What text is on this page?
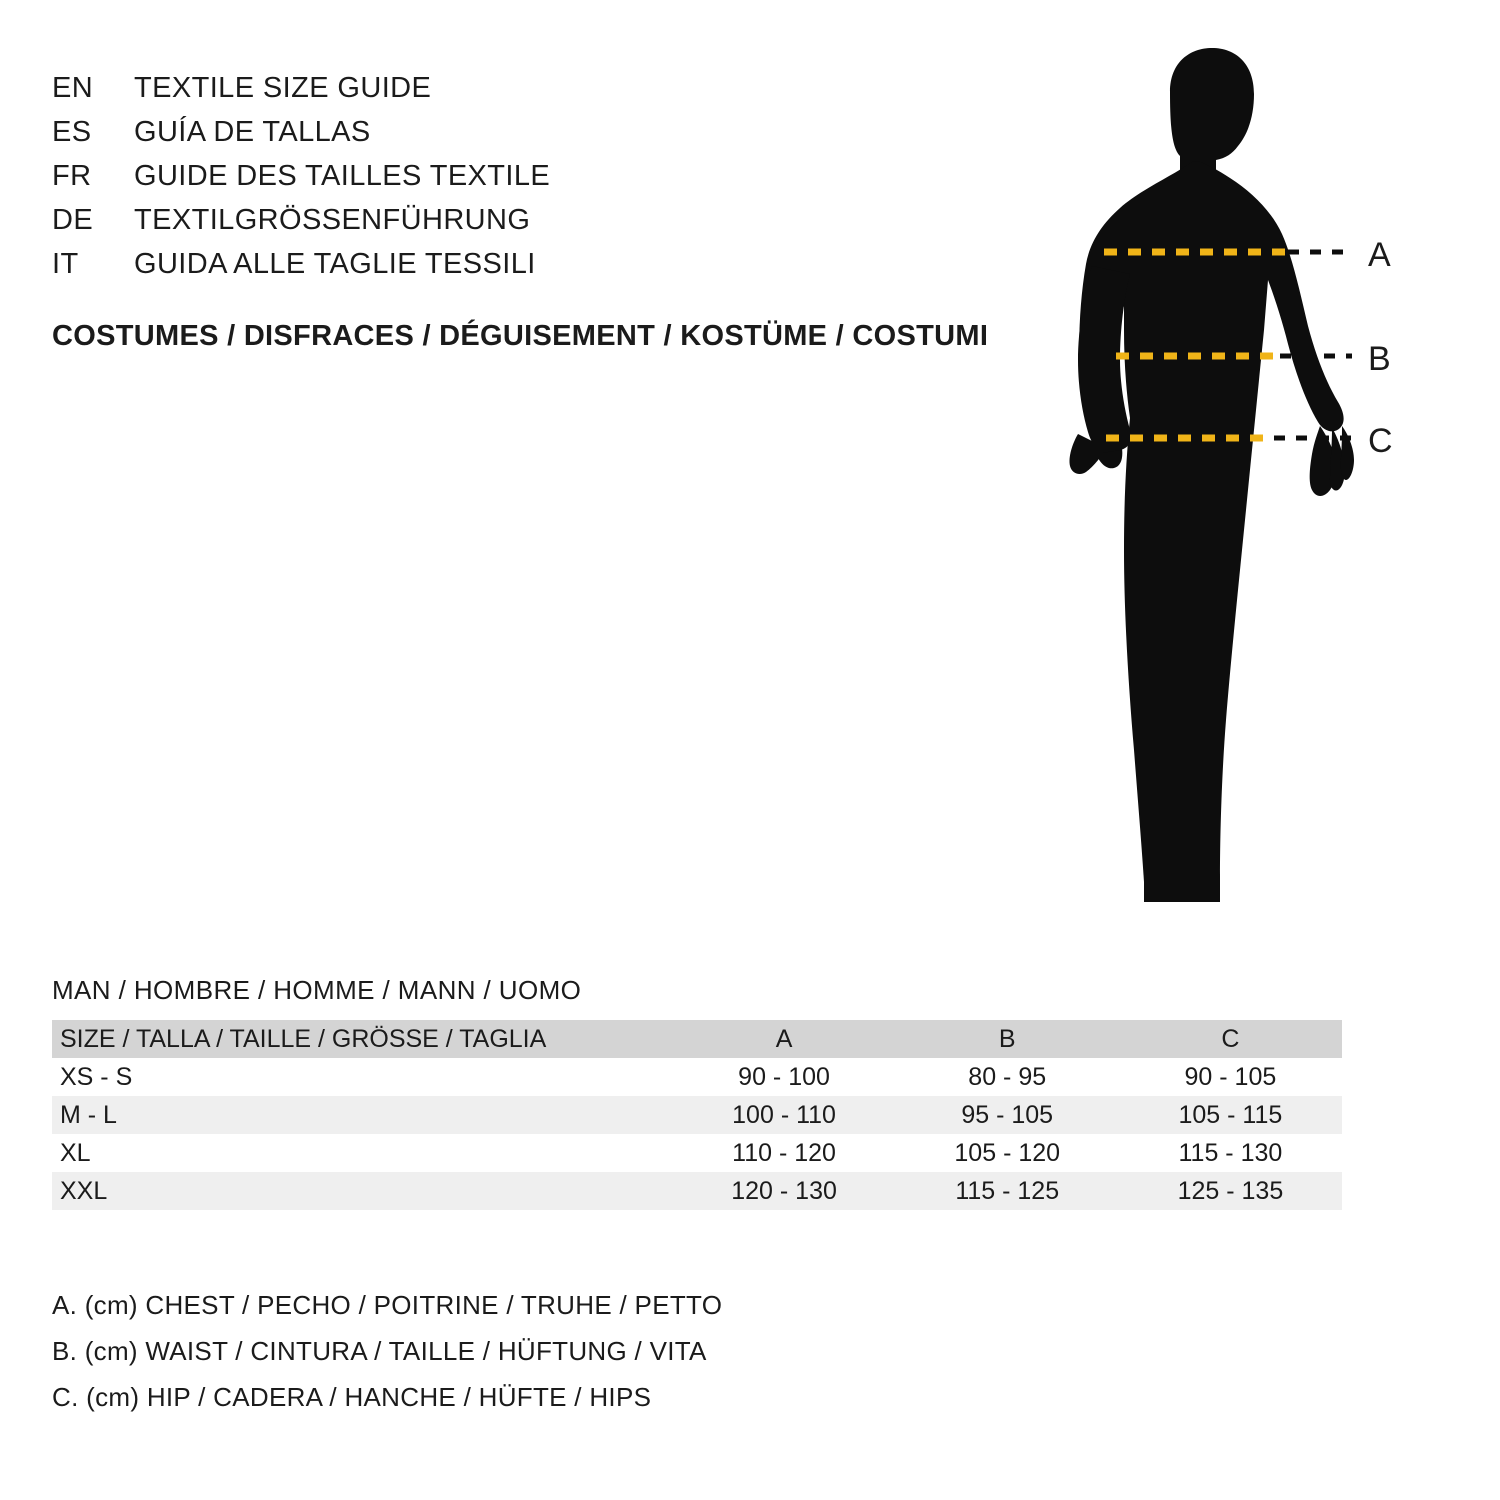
EN	TEXTILE SIZE GUIDE
ES	GUÍA DE TALLAS
FR	GUIDE DES TAILLES TEXTILE
DE	TEXTILGRÖSSENFÜHRUNG
IT	GUIDA ALLE TAGLIE TESSILI
COSTUMES / DISFRACES / DÉGUISEMENT / KOSTÜME / COSTUMI
A
B
C
MAN / HOMBRE / HOMME / MANN / UOMO
SIZE / TALLA / TAILLE / GRÖSSE / TAGLIA	A	B	C
XS - S	90 - 100	80 - 95	90 - 105
M - L	100 - 110	95 - 105	105 - 115
XL	110 - 120	105 - 120	115 - 130
XXL	120 - 130	115 - 125	125 - 135
A. (cm) CHEST / PECHO / POITRINE / TRUHE / PETTO
B. (cm) WAIST / CINTURA / TAILLE / HÜFTUNG / VITA
C. (cm) HIP / CADERA / HANCHE / HÜFTE / HIPS
